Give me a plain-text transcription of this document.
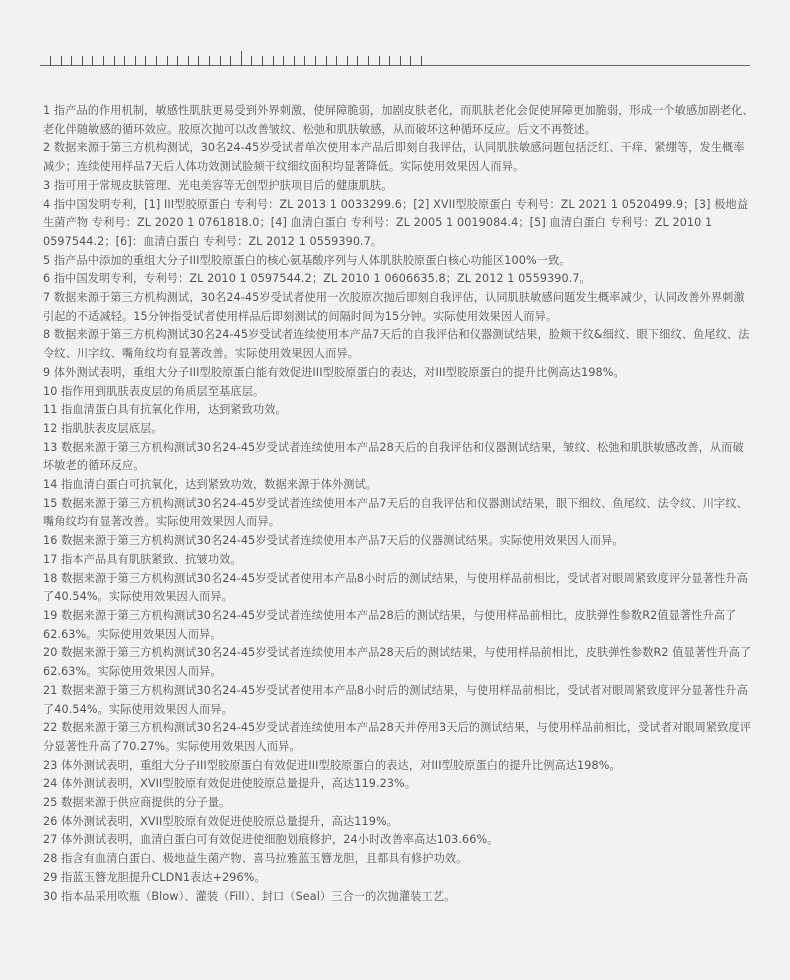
1 指产品的作用机制，敏感性肌肤更易受到外界刺激，使屏障脆弱，加剧皮肤老化，而肌肤老化会促使屏障更加脆弱，形成一个敏感加剧老化、老化伴随敏感的循环效应。胶原次抛可以改善皱纹、松弛和肌肤敏感，从而破坏这种循环反应。后文不再赘述。

2 数据来源于第三方机构测试，30名24-45岁受试者单次使用本产品后即刻自我评估，认同肌肤敏感问题包括泛红、干痒、紧绷等，发生概率减少；连续使用样品7天后人体功效测试脸频干纹细纹面积均显著降低。实际使用效果因人而异。

3 指可用于常规皮肤管理、光电美容等无创型护肤项目后的健康肌肤。

4 指中国发明专利，[1] III型胶原蛋白 专利号：ZL 2013 1 0033299.6；[2] XVII型胶原蛋白 专利号：ZL 2021 1 0520499.9；[3] 极地益生菌产物 专利号：ZL 2020 1 0761818.0；[4] 血清白蛋白 专利号：ZL 2005 1 0019084.4；[5] 血清白蛋白 专利号：ZL 2010 1 0597544.2；[6]：血清白蛋白 专利号：ZL 2012 1 0559390.7。

5 指产品中添加的重组大分子III型胶原蛋白的核心氨基酸序列与人体肌肤胶原蛋白核心功能区100%一致。

6 指中国发明专利，专利号：ZL 2010 1 0597544.2；ZL 2010 1 0606635.8；ZL 2012 1 0559390.7。

7 数据来源于第三方机构测试，30名24-45岁受试者使用一次胶原次抛后即刻自我评估，认同肌肤敏感问题发生概率减少，认同改善外界刺激引起的不适减轻。15分钟指受试者使用样品后即刻测试的间隔时间为15分钟。实际使用效果因人而异。

8 数据来源于第三方机构测试30名24-45岁受试者连续使用本产品7天后的自我评估和仪器测试结果，脸颊干纹&细纹、眼下细纹、鱼尾纹、法令纹、川字纹、嘴角纹均有显著改善。实际使用效果因人而异。

9 体外测试表明，重组大分子III型胶原蛋白能有效促进III型胶原蛋白的表达，对III型胶原蛋白的提升比例高达198%。

10 指作用到肌肤表皮层的角质层至基底层。

11 指血清蛋白具有抗氧化作用，达到紧致功效。

12 指肌肤表皮层底层。

13 数据来源于第三方机构测试30名24-45岁受试者连续使用本产品28天后的自我评估和仪器测试结果，皱纹、松弛和肌肤敏感改善，从而破坏敏老的循环反应。

14 指血清白蛋白可抗氧化，达到紧致功效，数据来源于体外测试。

15 数据来源于第三方机构测试30名24-45岁受试者连续使用本产品7天后的自我评估和仪器测试结果，眼下细纹、鱼尾纹、法令纹、川字纹、嘴角纹均有显著改善。实际使用效果因人而异。

16 数据来源于第三方机构测试30名24-45岁受试者连续使用本产品7天后的仪器测试结果。实际使用效果因人而异。

17 指本产品具有肌肤紧致、抗皱功效。

18 数据来源于第三方机构测试30名24-45岁受试者使用本产品8小时后的测试结果，与使用样品前相比，受试者对眼周紧致度评分显著性升高了40.54%。实际使用效果因人而异。

19 数据来源于第三方机构测试30名24-45岁受试者连续使用本产品28后的测试结果，与使用样品前相比，皮肤弹性参数R2值显著性升高了62.63%。实际使用效果因人而异。

20 数据来源于第三方机构测试30名24-45岁受试者连续使用本产品28天后的测试结果，与使用样品前相比，皮肤弹性参数R2 值显著性升高了62.63%。实际使用效果因人而异。

21 数据来源于第三方机构测试30名24-45岁受试者使用本产品8小时后的测试结果，与使用样品前相比，受试者对眼周紧致度评分显著性升高了40.54%。实际使用效果因人而异。

22 数据来源于第三方机构测试30名24-45岁受试者连续使用本产品28天并停用3天后的测试结果，与使用样品前相比，受试者对眼周紧致度评分显著性升高了70.27%。实际使用效果因人而异。

23 体外测试表明，重组大分子III型胶原蛋白有效促进III型胶原蛋白的表达，对III型胶原蛋白的提升比例高达198%。

24 体外测试表明，XVII型胶原有效促进使胶原总量提升，高达119.23%。

25 数据来源于供应商提供的分子量。

26 体外测试表明，XVII型胶原有效促进使胶原总量提升，高达119%。

27 体外测试表明，血清白蛋白可有效促进使细胞划痕修护，24小时改善率高达103.66%。

28 指含有血清白蛋白、极地益生菌产物、喜马拉雅蓝玉簪龙胆，且都具有修护功效。

29 指蓝玉簪龙胆提升CLDN1表达+296%。

30 指本品采用吹瓶（Blow）、灌装（Fill）、封口（Seal）三合一的次抛灌装工艺。
